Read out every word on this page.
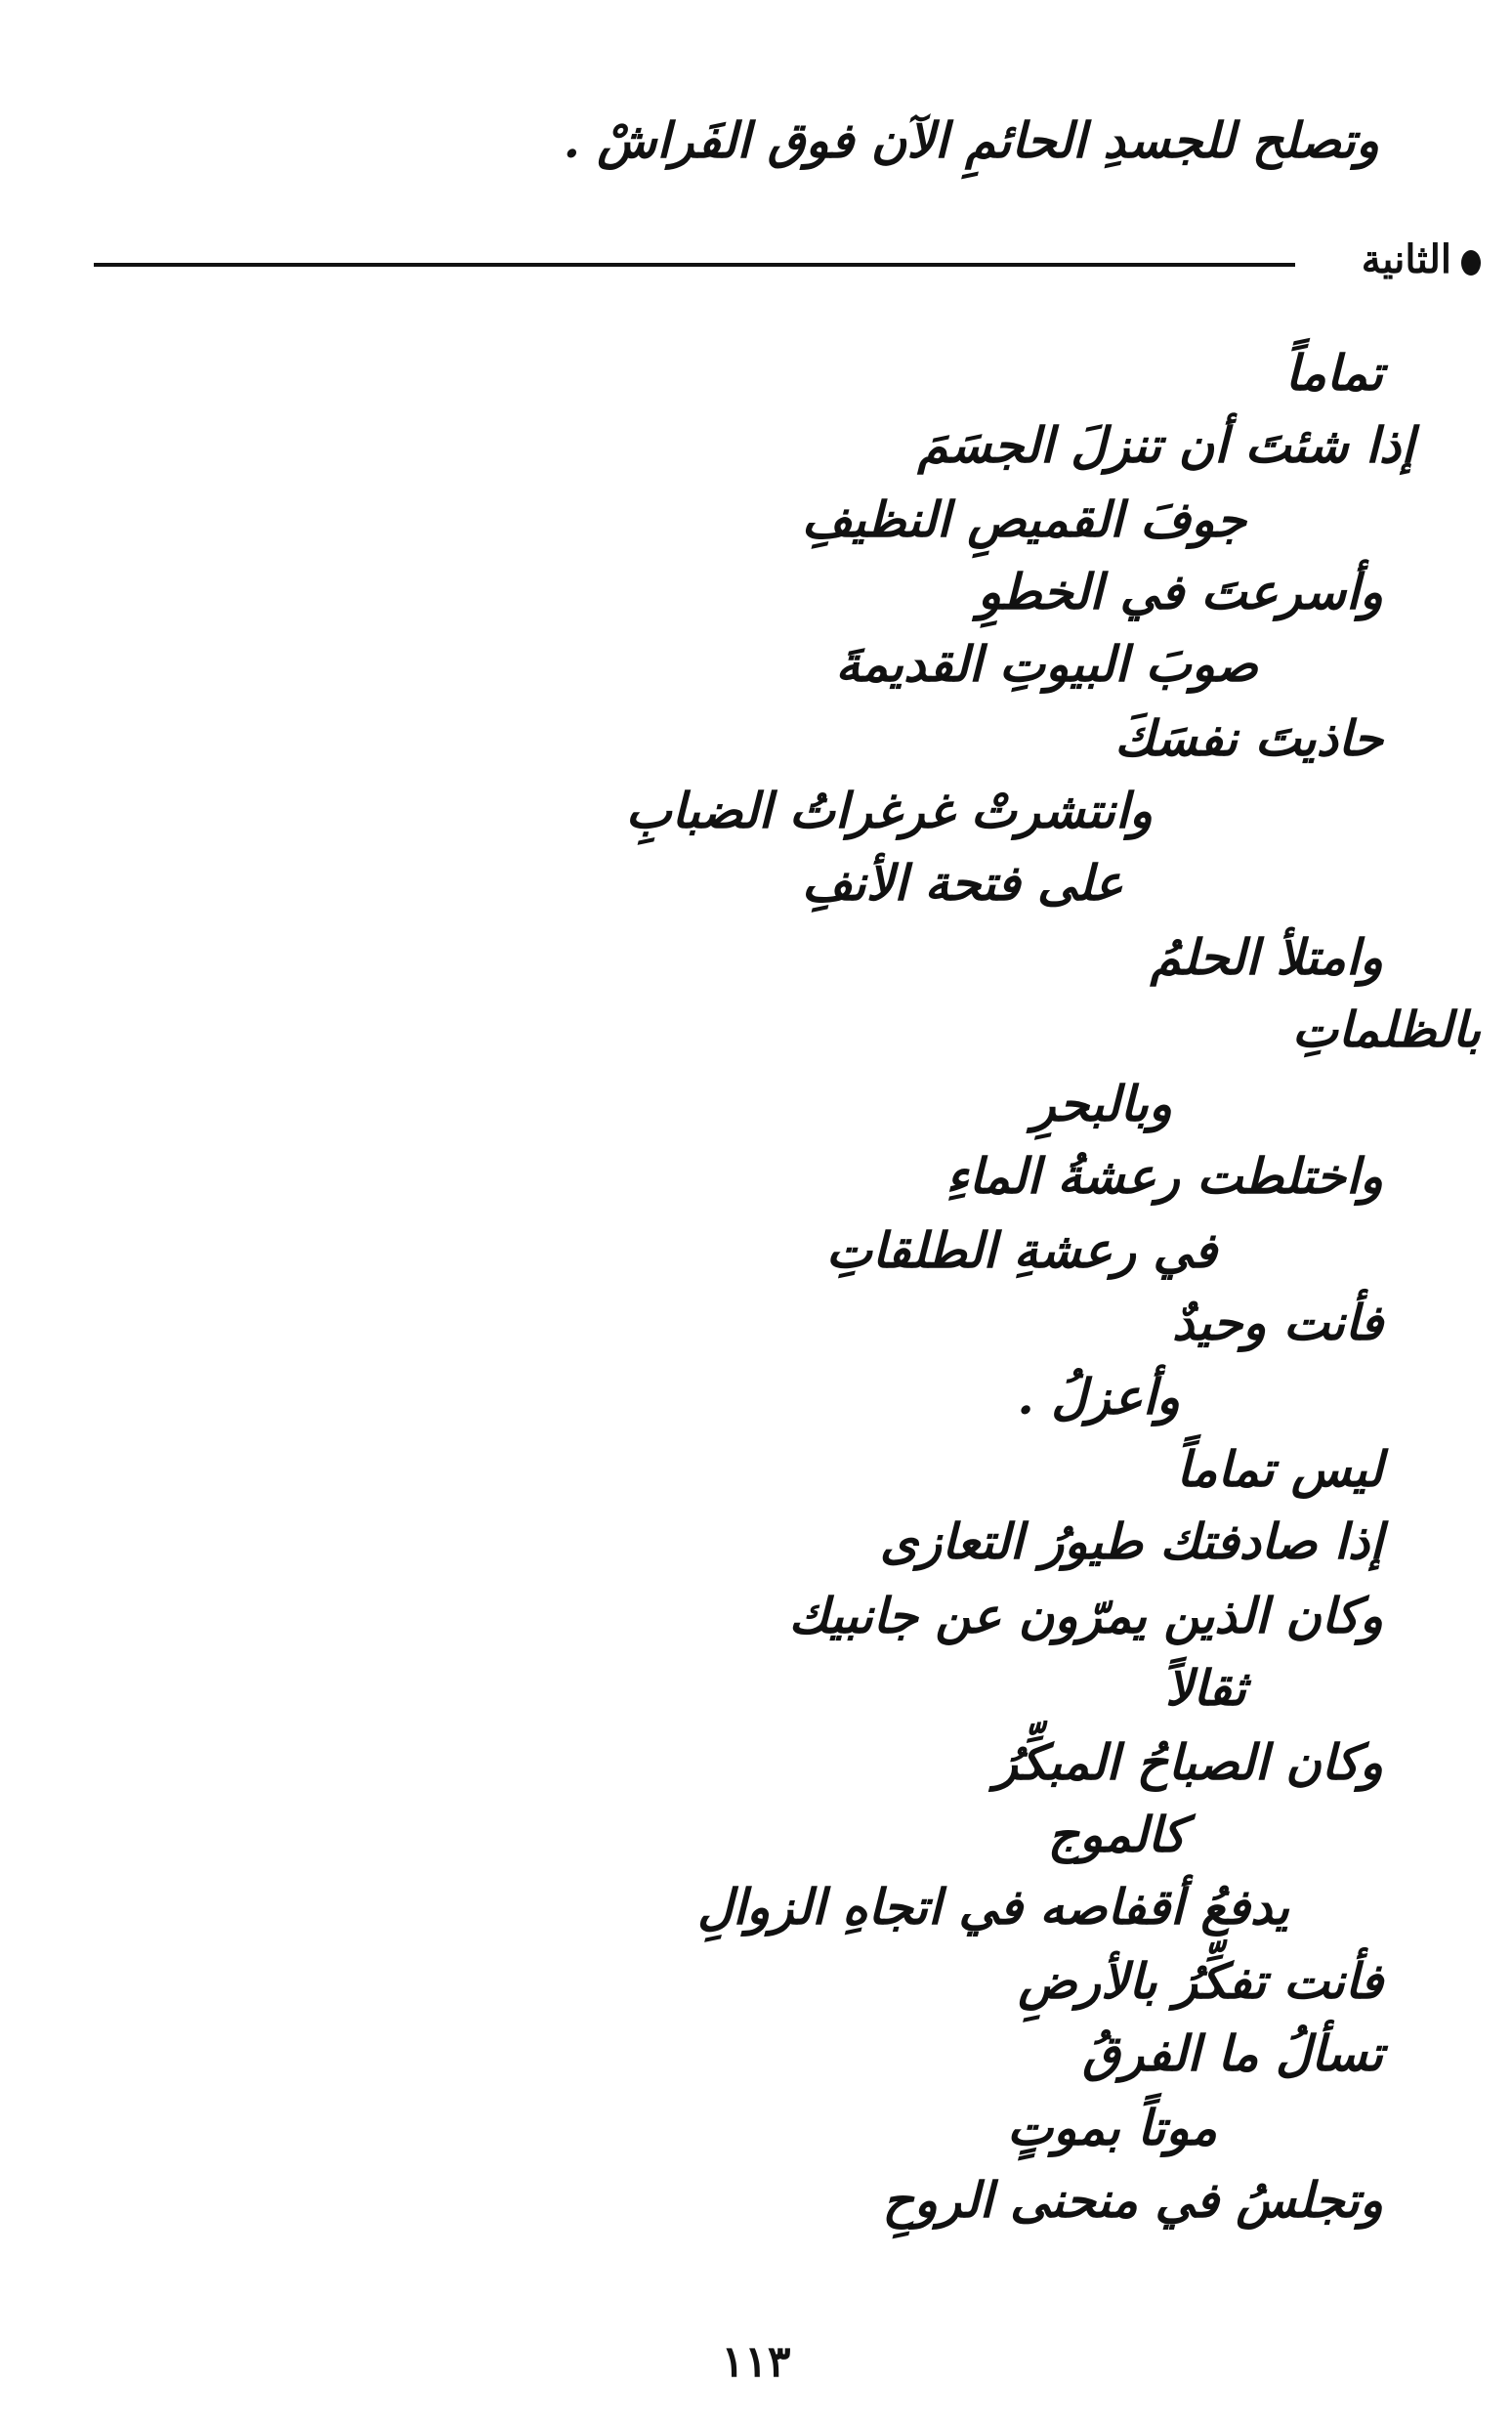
وتصلح للجسدِ الحائمِ الآن فوق الفَراشْ .
الثانية
تماماً
إذا شئتَ أن تنزلَ الجسَمَ
جوفَ القميصِ النظيفِ
وأسرعتَ في الخطوِ
صوبَ البيوتِ القديمةَ
حاذيتَ نفسَكَ
وانتشرتْ غرغراتُ الضبابِ
على فتحة الأنفِ
وامتلأ الحلمُ
بالظلماتِ
وبالبحرِ
واختلطت رعشةُ الماءِ
في رعشةِ الطلقاتِ
فأنت وحيدٌ
وأعزلُ .
ليس تماماً
إذا صادفتك طيورُ التعازى
وكان الذين يمرّون عن جانبيك
ثقالاً
وكان الصباحُ المبكِّرُ
كالموج
يدفعُ أقفاصه في اتجاهِ الزوالِ
فأنت تفكِّرُ بالأرضِ
تسألُ ما الفرقُ
موتاً بموتٍ
وتجلسُ في منحنى الروحِ
١١٣
